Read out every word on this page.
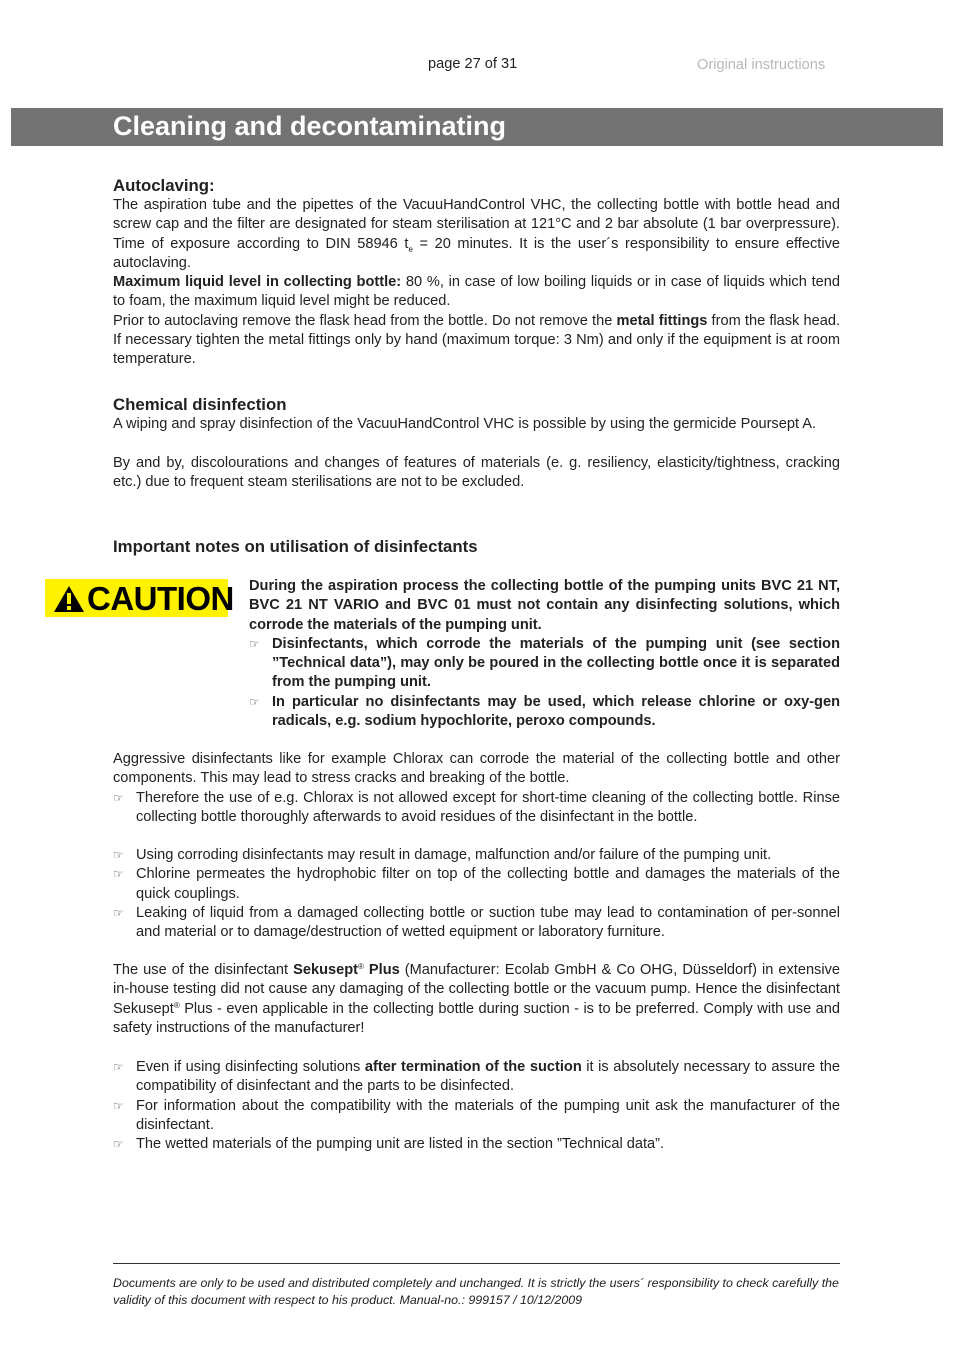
page 27 of 31	Original instructions
Cleaning and decontaminating
Autoclaving:

The aspiration tube and the pipettes of the VacuuHandControl VHC, the collecting bottle with bottle head and screw cap and the filter are designated for steam sterilisation at 121°C and 2 bar absolute (1 bar overpressure). Time of exposure according to DIN 58946 $t_e = 20$ minutes. It is the user´s responsibility to ensure effective autoclaving.

Maximum liquid level in collecting bottle: 80 %, in case of low boiling liquids or in case of liquids which tend to foam, the maximum liquid level might be reduced.

Prior to autoclaving remove the flask head from the bottle. Do not remove the metal fittings from the flask head. If necessary tighten the metal fittings only by hand (maximum torque: 3 Nm) and only if the equipment is at room temperature.

Chemical disinfection

A wiping and spray disinfection of the VacuuHandControl VHC is possible by using the germicide Poursept A.

By and by, discolourations and changes of features of materials (e. g. resiliency, elasticity/tightness, cracking etc.) due to frequent steam sterilisations are not to be excluded.

Important notes on utilisation of disinfectants
CAUTION During the aspiration process the collecting bottle of the pumping units BVC 21 NT, BVC 21 NT VARIO and BVC 01 must not contain any disinfecting solutions, which corrode the materials of the pumping unit.

☞ Disinfectants, which corrode the materials of the pumping unit (see section ”Technical data”), may only be poured in the collecting bottle once it is separated from the pumping unit.
☞ In particular no disinfectants may be used, which release chlorine or oxy-gen radicals, e.g. sodium hypochlorite, peroxo compounds.

Aggressive disinfectants like for example Chlorax can corrode the material of the collecting bottle and other components. This may lead to stress cracks and breaking of the bottle.

☞ Therefore the use of e.g. Chlorax is not allowed except for short-time cleaning of the collecting bottle. Rinse collecting bottle thoroughly afterwards to avoid residues of the disinfectant in the bottle.
☞ Using corroding disinfectants may result in damage, malfunction and/or failure of the pumping unit.
☞ Chlorine permeates the hydrophobic filter on top of the collecting bottle and damages the materials of the quick couplings.
☞ Leaking of liquid from a damaged collecting bottle or suction tube may lead to contamination of per-sonnel and material or to damage/destruction of wetted equipment or laboratory furniture.

The use of the disinfectant Sekusept® Plus (Manufacturer: Ecolab GmbH & Co OHG, Düsseldorf) in extensive in-house testing did not cause any damaging of the collecting bottle or the vacuum pump. Hence the disinfectant Sekusept® Plus - even applicable in the collecting bottle during suction - is to be preferred. Comply with use and safety instructions of the manufacturer!

☞ Even if using disinfecting solutions after termination of the suction it is absolutely necessary to assure the compatibility of disinfectant and the parts to be disinfected.
☞ For information about the compatibility with the materials of the pumping unit ask the manufacturer of the disinfectant.
☞ The wetted materials of the pumping unit are listed in the section ”Technical data”.
Documents are only to be used and distributed completely and unchanged. It is strictly the users´ responsibility to check carefully the validity of this document with respect to his product. Manual-no.: 999157 / 10/12/2009
